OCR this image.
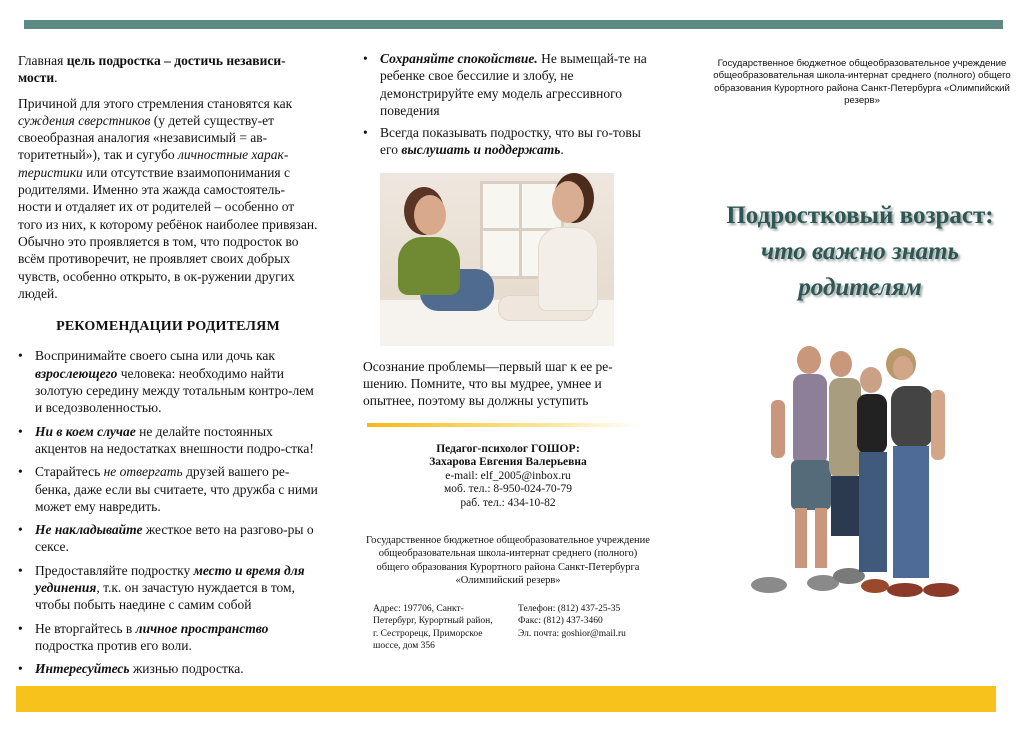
Главная цель подростка – достичь независи-мости.

Причиной для этого стремления становятся как суждения сверстников (у детей существу-ет своеобразная аналогия «независимый = ав-торитетный»), так и сугубо личностные харак-теристики или отсутствие взаимопонимания с родителями. Именно эта жажда самостоятель-ности и отдаляет их от родителей – особенно от того из них, к которому ребёнок наиболее привязан. Обычно это проявляется в том, что подросток во всём противоречит, не проявляет своих добрых чувств, особенно открыто, в ок-ружении других людей.

РЕКОМЕНДАЦИИ РОДИТЕЛЯМ
• Воспринимайте своего сына или дочь как взрослеющего человека: необходимо найти золотую середину между тотальным контро-лем и вседозволенностью.
• Ни в коем случае не делайте постоянных акцентов на недостатках внешности подро-стка!
• Старайтесь не отвергать друзей вашего ре-бенка, даже если вы считаете, что дружба с ними может ему навредить.
• Не накладывайте жесткое вето на разгово-ры о сексе.
• Предоставляйте подростку место и время для уединения, т.к. он зачастую нуждается в том, чтобы побыть наедине с самим собой
• Не вторгайтесь в личное пространство подростка против его воли.
• Интересуйтесь жизнью подростка.
• Сохраняйте спокойствие. Не вымещай-те на ребенке свое бессилие и злобу, не демонстрируйте ему модель агрессивного поведения
• Всегда показывать подростку, что вы го-товы его выслушать и поддержать.

Осознание проблемы—первый шаг к ее ре-шению. Помните, что вы мудрее, умнее и опытнее, поэтому вы должны уступить

Педагог-психолог ГОШОР:
Захарова Евгения Валерьевна
e-mail: elf_2005@inbox.ru
моб. тел.: 8-950-024-70-79
раб. тел.: 434-10-82
Государственное бюджетное общеобразовательное учреждение общеобразовательная школа-интернат среднего (полного) общего образования Курортного района Санкт-Петербурга «Олимпийский резерв»
Адрес: 197706, Санкт-Петербург, Курортный район, г. Сестрорецк, Приморское шоссе, дом 356
Телефон: (812) 437-25-35
Факс: (812) 437-3460
Эл. почта: goshior@mail.ru
Государственное бюджетное общеобразовательное учреждение общеобразовательная школа-интернат среднего (полного) общего образования Курортного района Санкт-Петербурга «Олимпийский резерв»
Подростковый возраст:
что важно знать
родителям
